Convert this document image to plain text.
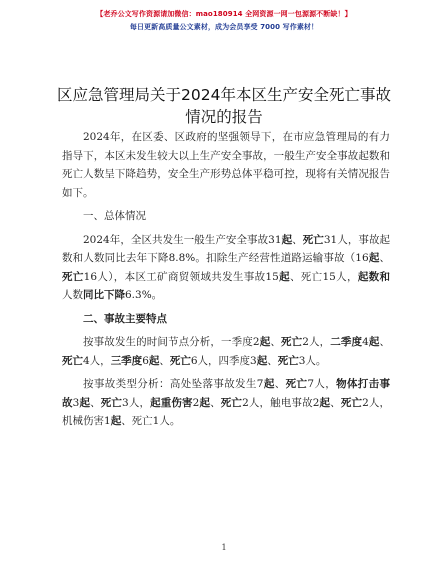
【老乔公文写作资源请加微信：mao180914 全网资源一网一包源源不断缺！】
每日更新高质量公文素材，成为会员享受 7000 写作素材！
区应急管理局关于2024年本区生产安全死亡事故情况的报告

2024年，在区委、区政府的坚强领导下，在市应急管理局的有力指导下，本区未发生较大以上生产安全事故，一般生产安全事故起数和死亡人数呈下降趋势，安全生产形势总体平稳可控，现将有关情况报告如下。

一、总体情况

2024年，全区共发生一般生产安全事故31起、死亡31人，事故起数和人数同比去年下降8.8%。扣除生产经营性道路运输事故（16起、死亡16人），本区工矿商贸领域共发生事故15起、死亡15人，起数和人数同比下降6.3%。

二、事故主要特点

按事故发生的时间节点分析，一季度2起、死亡2人，二季度4起、死亡4人，三季度6起、死亡6人，四季度3起、死亡3人。

按事故类型分析：高处坠落事故发生7起、死亡7人，物体打击事故3起、死亡3人，起重伤害2起、死亡2人，触电事故2起、死亡2人，机械伤害1起、死亡1人。

1
